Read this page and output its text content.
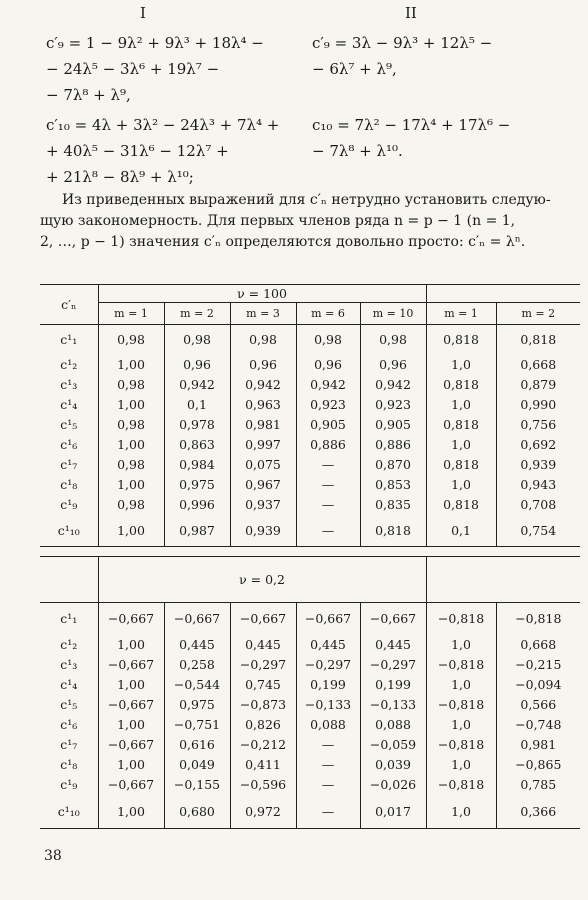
I	II
c′₉ = 1 − 9λ² + 9λ³ + 18λ⁴ −
− 24λ⁵ − 3λ⁶ + 19λ⁷ −
− 7λ⁸ + λ⁹,
c′₁₀ = 4λ + 3λ² − 24λ³ + 7λ⁴ +
+ 40λ⁵ − 31λ⁶ − 12λ⁷ +
+ 21λ⁸ − 8λ⁹ + λ¹⁰;
c′₉ = 3λ − 9λ³ + 12λ⁵ −
− 6λ⁷ + λ⁹,
c₁₀ = 7λ² − 17λ⁴ + 17λ⁶ −
− 7λ⁸ + λ¹⁰.
Из приведенных выражений для c′ₙ нетрудно установить следую-
щую закономерность. Для первых членов ряда n = p − 1 (n = 1,
2, …, p − 1) значения c′ₙ определяются довольно просто: c′ₙ = λⁿ.
c′ₙ	ν = 100						
	m = 1	m = 2	m = 3	m = 6	m = 10	m = 1	m = 2
c¹₁	0,98	0,98	0,98	0,98	0,98	0,818	0,818
c¹₂	1,00	0,96	0,96	0,96	0,96	1,0	0,668
c¹₃	0,98	0,942	0,942	0,942	0,942	0,818	0,879
c¹₄	1,00	0,1	0,963	0,923	0,923	1,0	0,990
c¹₅	0,98	0,978	0,981	0,905	0,905	0,818	0,756
c¹₆	1,00	0,863	0,997	0,886	0,886	1,0	0,692
c¹₇	0,98	0,984	0,075	—	0,870	0,818	0,939
c¹₈	1,00	0,975	0,967	—	0,853	1,0	0,943
c¹₉	0,98	0,996	0,937	—	0,835	0,818	0,708
c¹₁₀	1,00	0,987	0,939	—	0,818	0,1	0,754
	ν = 0,2						
c¹₁	−0,667	−0,667	−0,667	−0,667	−0,667	−0,818	−0,818
c¹₂	1,00	0,445	0,445	0,445	0,445	1,0	0,668
c¹₃	−0,667	0,258	−0,297	−0,297	−0,297	−0,818	−0,215
c¹₄	1,00	−0,544	0,745	0,199	0,199	1,0	−0,094
c¹₅	−0,667	0,975	−0,873	−0,133	−0,133	−0,818	0,566
c¹₆	1,00	−0,751	0,826	0,088	0,088	1,0	−0,748
c¹₇	−0,667	0,616	−0,212	—	−0,059	−0,818	0,981
c¹₈	1,00	0,049	0,411	—	0,039	1,0	−0,865
c¹₉	−0,667	−0,155	−0,596	—	−0,026	−0,818	0,785
c¹₁₀	1,00	0,680	0,972	—	0,017	1,0	0,366
38
